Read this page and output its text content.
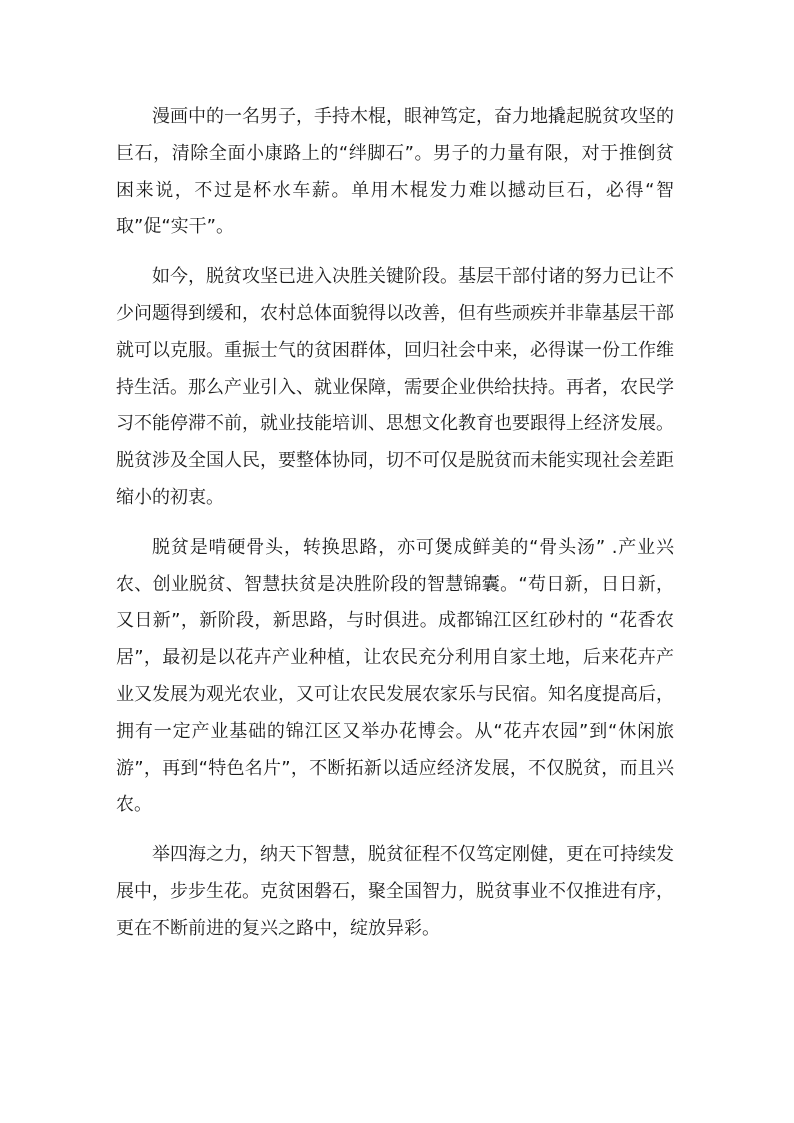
漫画中的一名男子，手持木棍，眼神笃定，奋力地撬起脱贫攻坚的巨石，清除全面小康路上的“绊脚石”。男子的力量有限，对于推倒贫困来说，不过是杯水车薪。单用木棍发力难以撼动巨石，必得“智取”促“实干”。

如今，脱贫攻坚已进入决胜关键阶段。基层干部付诸的努力已让不少问题得到缓和，农村总体面貌得以改善，但有些顽疾并非靠基层干部就可以克服。重振士气的贫困群体，回归社会中来，必得谋一份工作维持生活。那么产业引入、就业保障，需要企业供给扶持。再者，农民学习不能停滞不前，就业技能培训、思想文化教育也要跟得上经济发展。脱贫涉及全国人民，要整体协同，切不可仅是脱贫而未能实现社会差距缩小的初衷。

脱贫是啃硬骨头，转换思路，亦可煲成鲜美的“骨头汤” .产业兴农、创业脱贫、智慧扶贫是决胜阶段的智慧锦囊。“苟日新，日日新，又日新”，新阶段，新思路，与时俱进。成都锦江区红砂村的 “花香农居”，最初是以花卉产业种植，让农民充分利用自家土地，后来花卉产业又发展为观光农业，又可让农民发展农家乐与民宿。知名度提高后，拥有一定产业基础的锦江区又举办花博会。从“花卉农园”到“休闲旅游”，再到“特色名片”，不断拓新以适应经济发展，不仅脱贫，而且兴农。

举四海之力，纳天下智慧，脱贫征程不仅笃定刚健，更在可持续发展中，步步生花。克贫困磐石，聚全国智力，脱贫事业不仅推进有序，更在不断前进的复兴之路中，绽放异彩。
